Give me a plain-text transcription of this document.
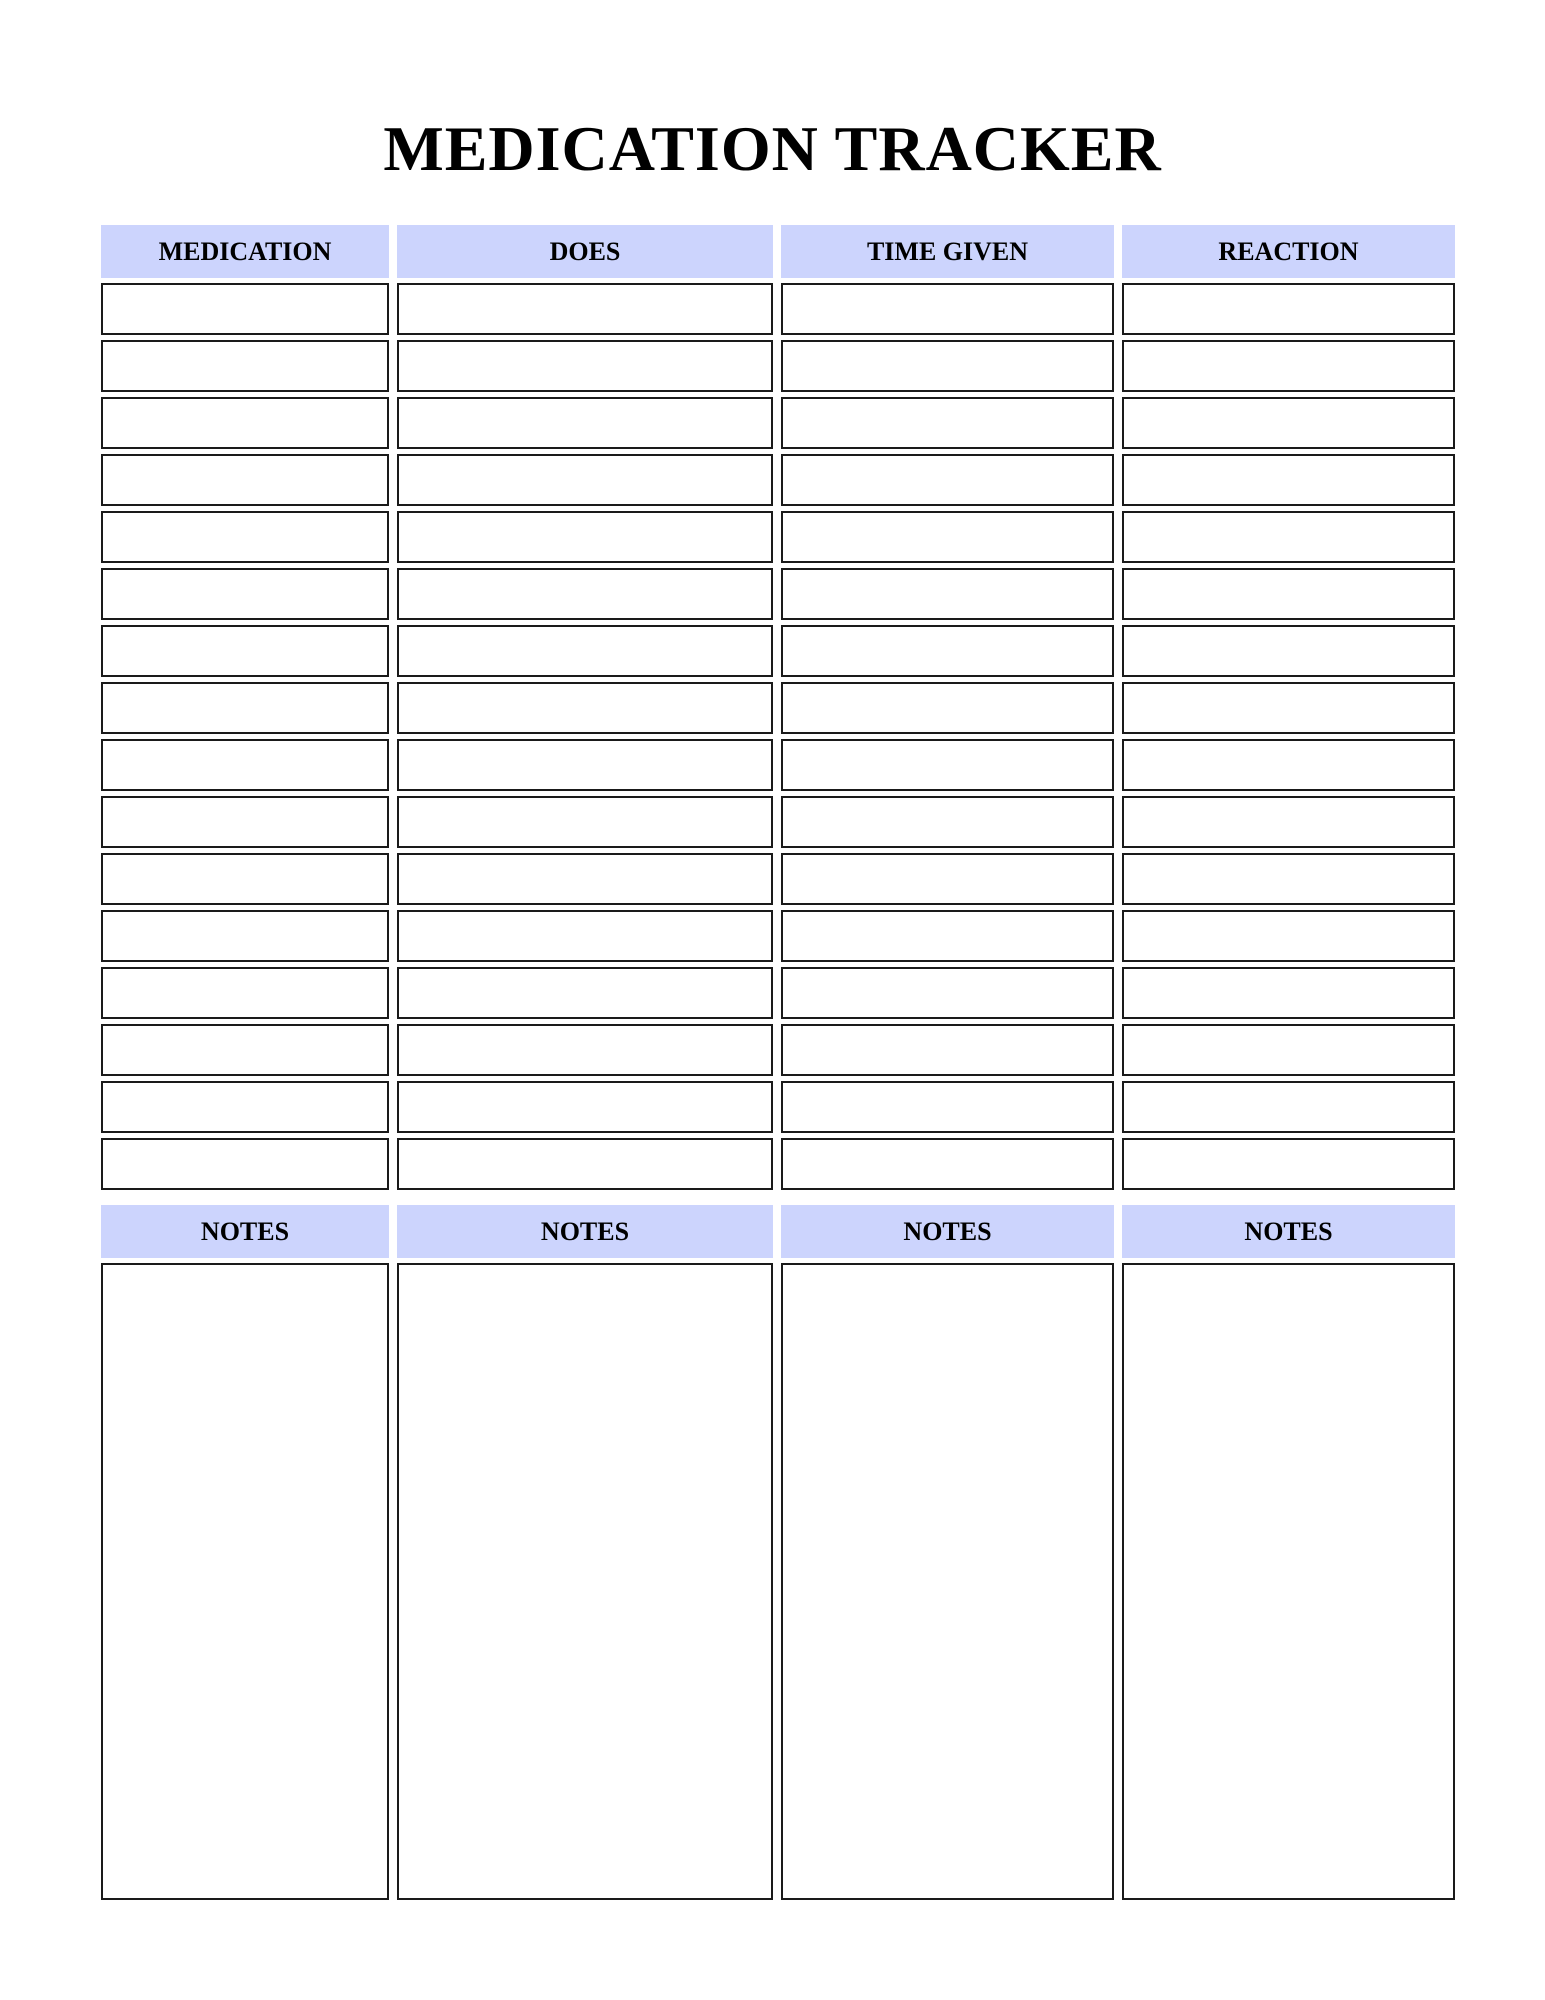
MEDICATION TRACKER
MEDICATION	DOES	TIME GIVEN	REACTION
NOTES	NOTES	NOTES	NOTES
